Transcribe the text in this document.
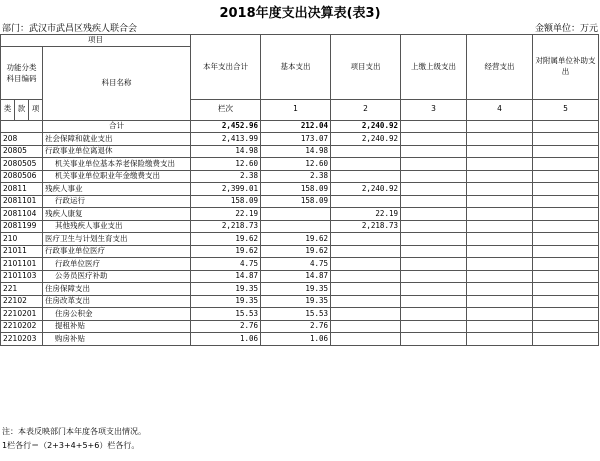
2018年度支出决算表(表3)
部门：武汉市武昌区残疾人联合会	金额单位：万元
项目				本年支出合计	基本支出	项目支出	上缴上级支出	经营支出	对附属单位补助支出	
功能分类科目编码			科目名称							
类	款	项								
				栏次	1	2	3	4	5	
			合计	2,452.96	212.04	2,240.92				
208			社会保障和就业支出	2,413.99	173.07	2,240.92				
20805			行政事业单位离退休	14.98	14.98					
2080505			机关事业单位基本养老保险缴费支出	12.60	12.60					
2080506			机关事业单位职业年金缴费支出	2.38	2.38					
20811			残疾人事业	2,399.01	158.09	2,240.92				
2081101			行政运行	158.09	158.09					
2081104			残疾人康复	22.19		22.19				
2081199			其他残疾人事业支出	2,218.73		2,218.73				
210			医疗卫生与计划生育支出	19.62	19.62					
21011			行政事业单位医疗	19.62	19.62					
2101101			行政单位医疗	4.75	4.75					
2101103			公务员医疗补助	14.87	14.87					
221			住房保障支出	19.35	19.35					
22102			住房改革支出	19.35	19.35					
2210201			住房公积金	15.53	15.53					
2210202			提租补贴	2.76	2.76					
2210203			购房补贴	1.06	1.06					
注：本表反映部门本年度各项支出情况。
1栏各行＝（2+3+4+5+6）栏各行。
